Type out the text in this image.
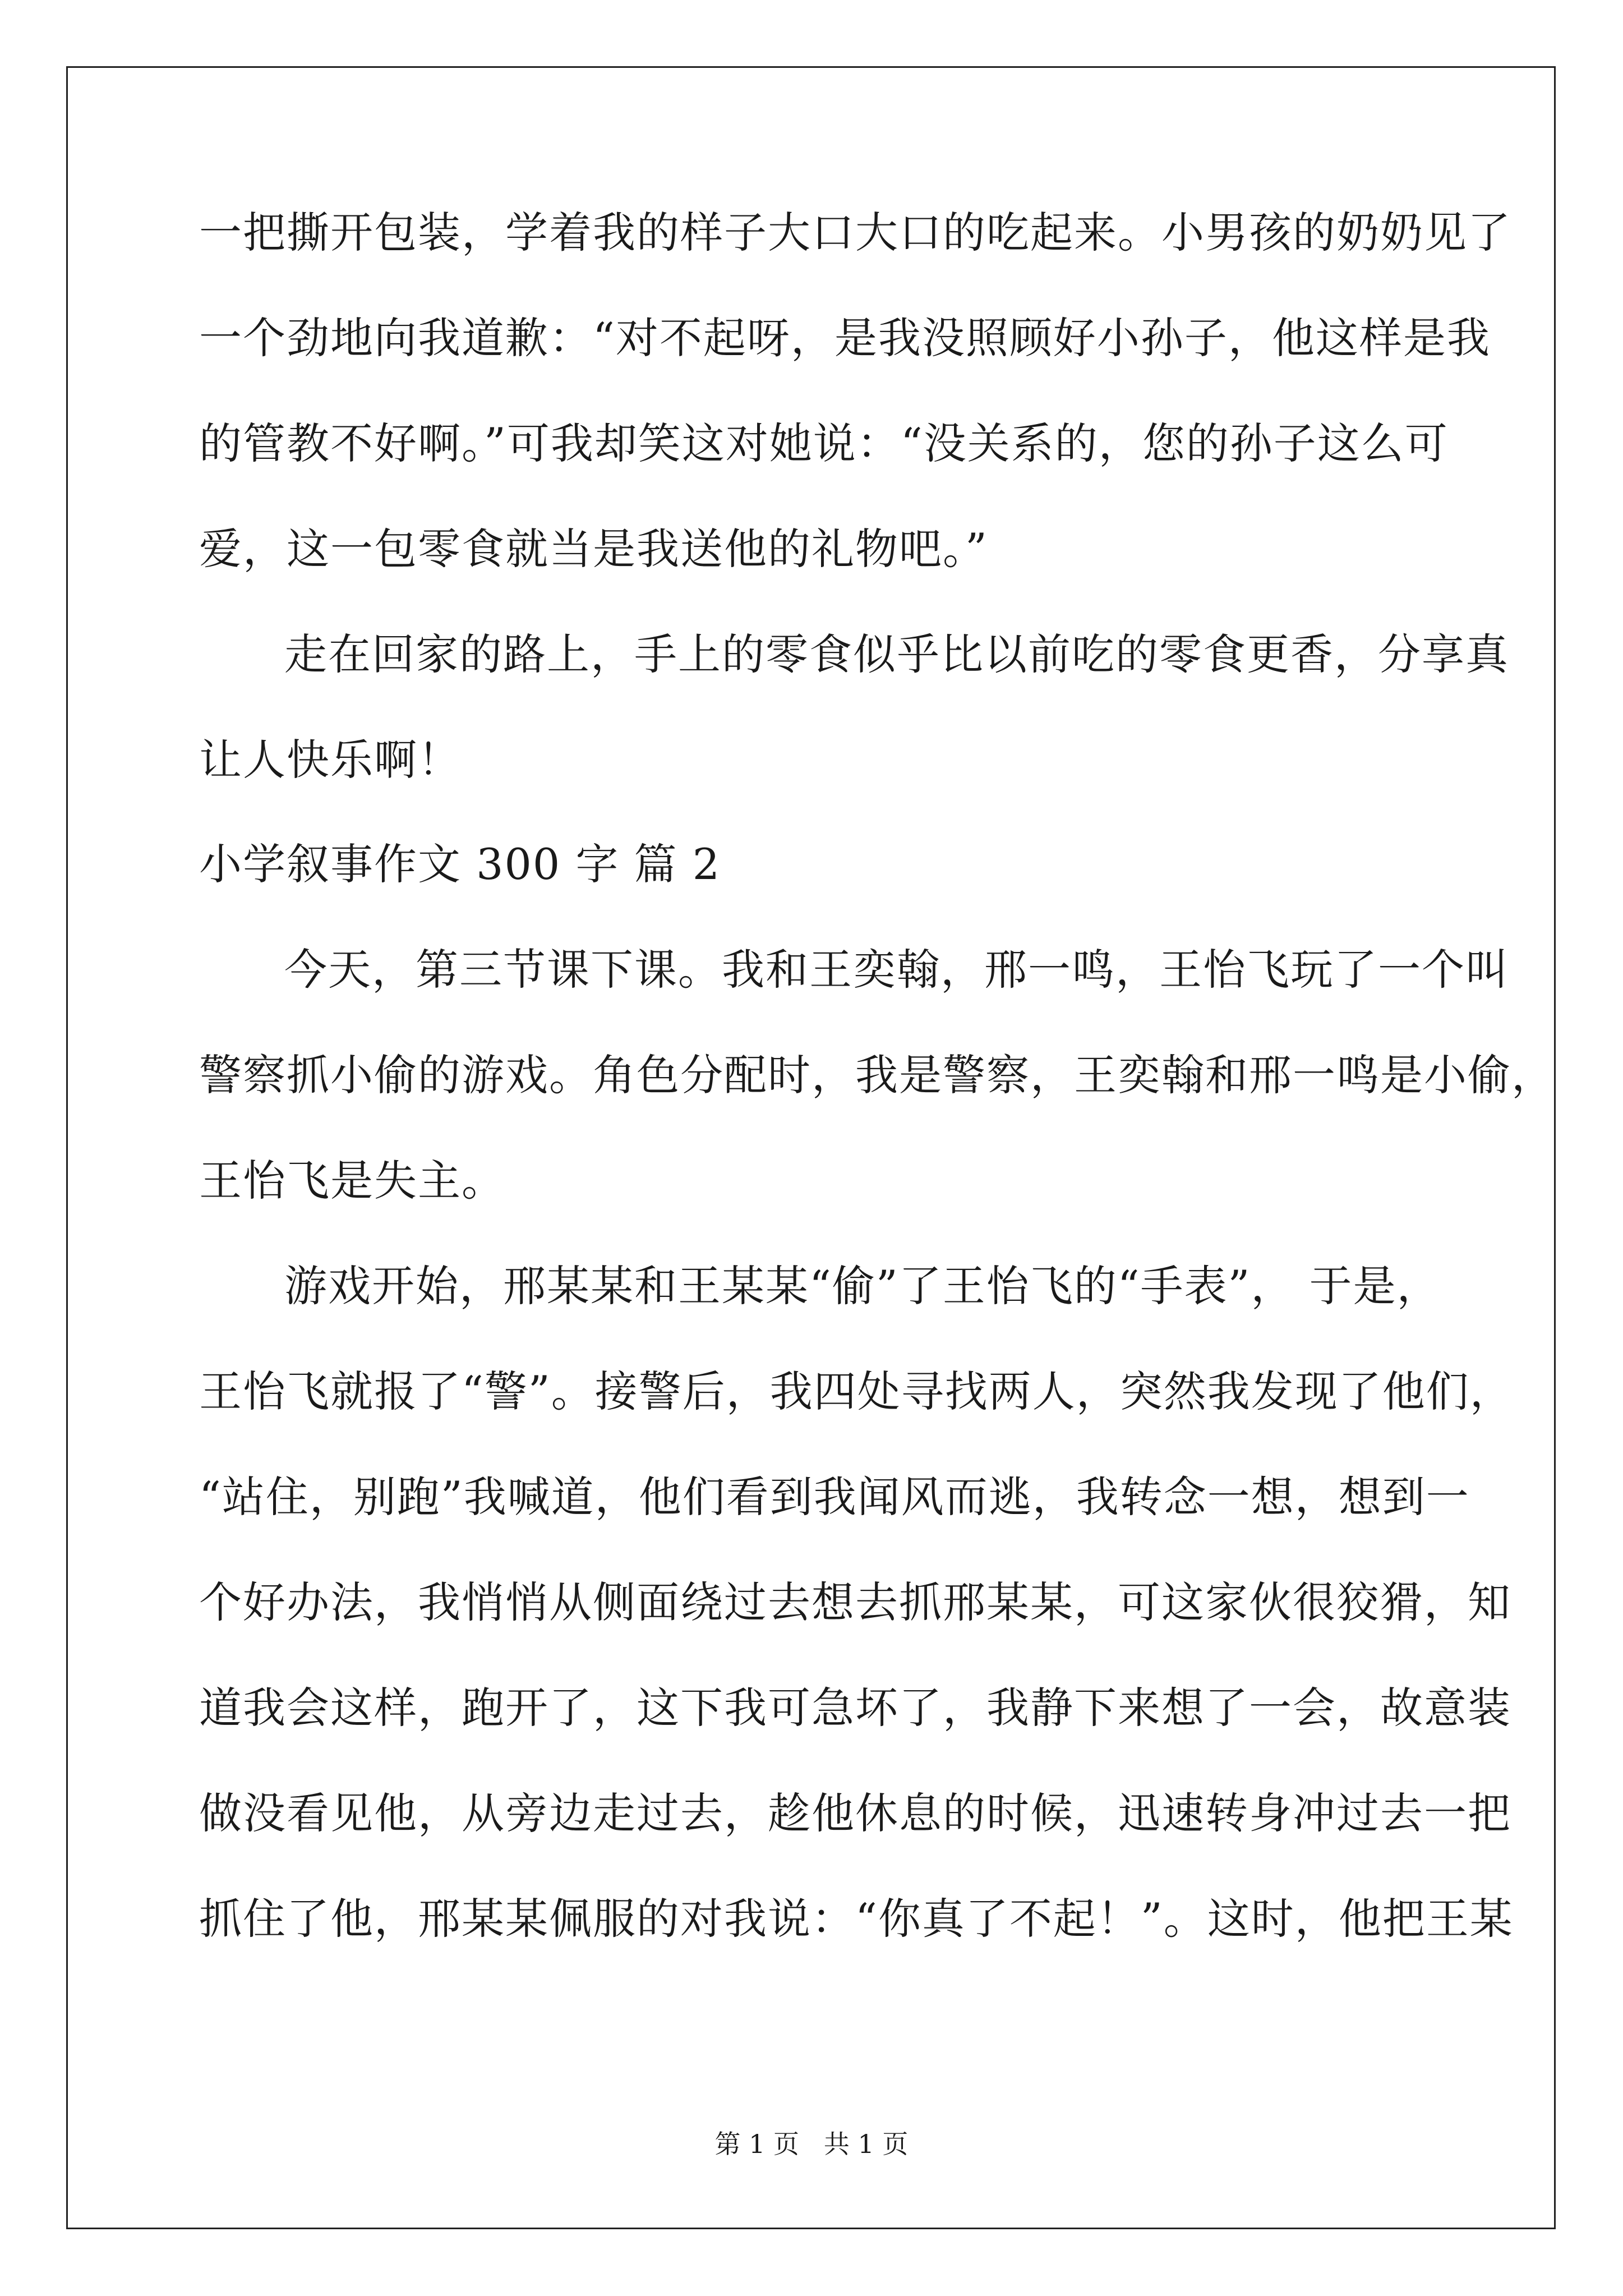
一把撕开包装，学着我的样子大口大口的吃起来。小男孩的奶奶见了
一个劲地向我道歉：“对不起呀，是我没照顾好小孙子，他这样是我
的管教不好啊。”可我却笑这对她说：“没关系的，您的孙子这么可
爱，这一包零食就当是我送他的礼物吧。”
走在回家的路上，手上的零食似乎比以前吃的零食更香，分享真
让人快乐啊！
小学叙事作文 300 字 篇 2
今天，第三节课下课。我和王奕翰，邢一鸣，王怡飞玩了一个叫
警察抓小偷的游戏。角色分配时，我是警察，王奕翰和邢一鸣是小偷，
王怡飞是失主。
游戏开始，邢某某和王某某“偷”了王怡飞的“手表”， 于是，
王怡飞就报了“警”。接警后，我四处寻找两人，突然我发现了他们，
“站住，别跑”我喊道，他们看到我闻风而逃，我转念一想，想到一
个好办法，我悄悄从侧面绕过去想去抓邢某某，可这家伙很狡猾，知
道我会这样，跑开了，这下我可急坏了，我静下来想了一会，故意装
做没看见他，从旁边走过去，趁他休息的时候，迅速转身冲过去一把
抓住了他，邢某某佩服的对我说：“你真了不起！”。这时，他把王某
第 1 页   共 1 页
